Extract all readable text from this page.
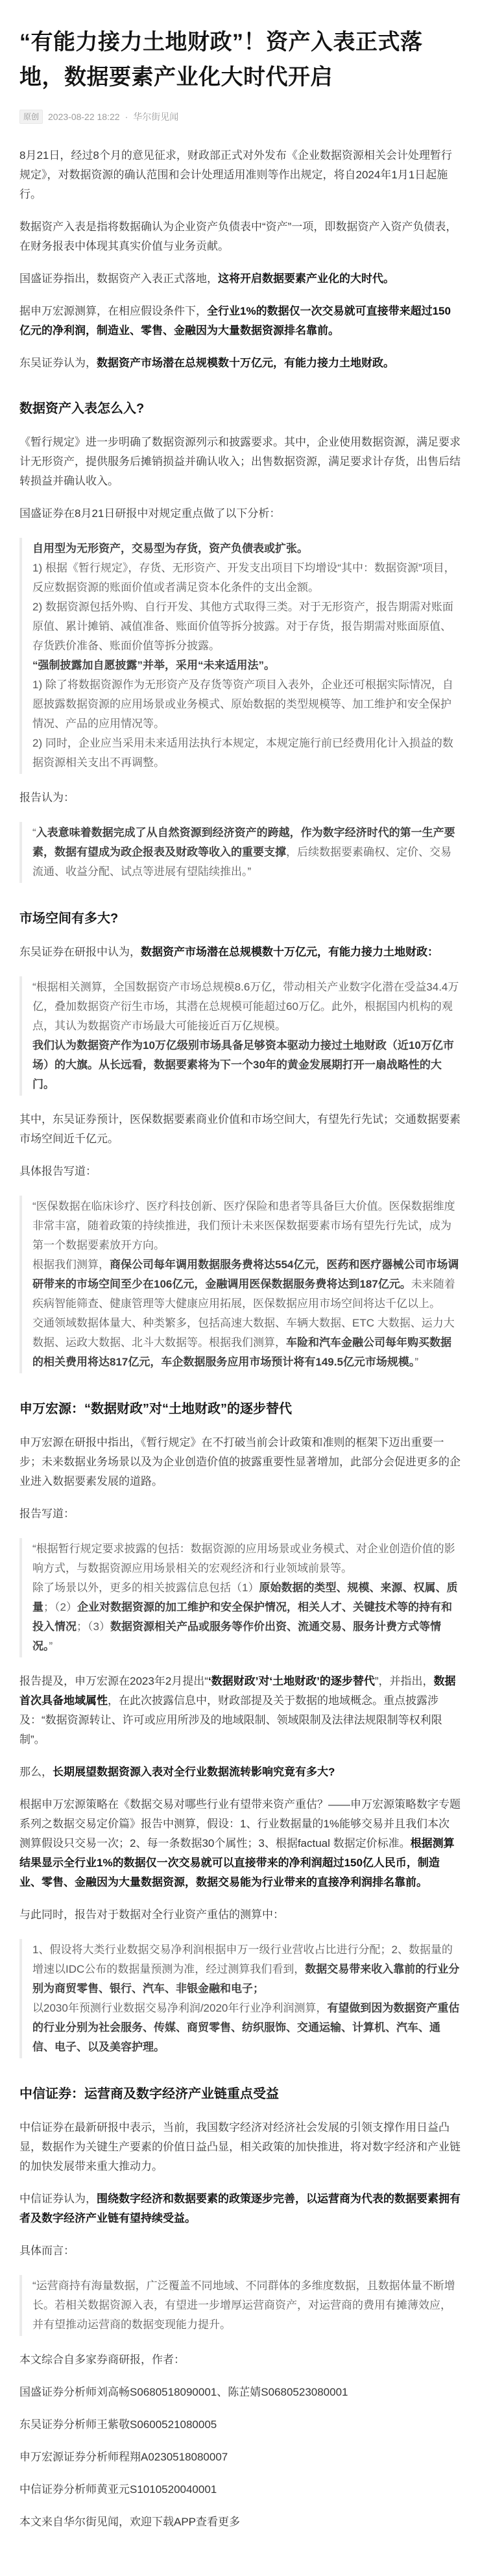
“有能力接力土地财政”！资产入表正式落地，数据要素产业化大时代开启
原创	2023-08-22 18:22 · 华尔街见闻

8月21日，经过8个月的意见征求，财政部正式对外发布《企业数据资源相关会计处理暂行规定》，对数据资源的确认范围和会计处理适用准则等作出规定，将自2024年1月1日起施行。

数据资产入表是指将数据确认为企业资产负债表中“资产”一项，即数据资产入资产负债表，在财务报表中体现其真实价值与业务贡献。

国盛证券指出，数据资产入表正式落地，这将开启数据要素产业化的大时代。

据申万宏源测算，在相应假设条件下，全行业1%的数据仅一次交易就可直接带来超过150亿元的净利润，制造业、零售、金融因为大量数据资源排名靠前。

东吴证券认为，数据资产市场潜在总规模数十万亿元，有能力接力土地财政。

数据资产入表怎么入?

《暂行规定》进一步明确了数据资源列示和披露要求。其中，企业使用数据资源，满足要求计无形资产，提供服务后摊销损益并确认收入；出售数据资源，满足要求计存货，出售后结转损益并确认收入。

国盛证券在8月21日研报中对规定重点做了以下分析：

自用型为无形资产，交易型为存货，资产负债表或扩张。

1) 根据《暂行规定》，存货、无形资产、开发支出项目下均增设“其中：数据资源”项目，反应数据资源的账面价值或者满足资本化条件的支出金额。

2) 数据资源包括外购、自行开发、其他方式取得三类。对于无形资产，报告期需对账面原值、累计摊销、减值准备、账面价值等拆分披露。对于存货，报告期需对账面原值、存货跌价准备、账面价值等拆分披露。

“强制披露加自愿披露”并举，采用“未来适用法”。

1) 除了将数据资源作为无形资产及存货等资产项目入表外，企业还可根据实际情况，自愿披露数据资源的应用场景或业务模式、原始数据的类型规模等、加工维护和安全保护情况、产品的应用情况等。

2) 同时，企业应当采用未来适用法执行本规定，本规定施行前已经费用化计入损益的数据资源相关支出不再调整。

报告认为：

“入表意味着数据完成了从自然资源到经济资产的跨越，作为数字经济时代的第一生产要素，数据有望成为政企报表及财政等收入的重要支撑，后续数据要素确权、定价、交易流通、收益分配、试点等进展有望陆续推出。”

市场空间有多大?

东吴证券在研报中认为，数据资产市场潜在总规模数十万亿元，有能力接力土地财政：

“根据相关测算，全国数据资产市场总规模8.6万亿，带动相关产业数字化潜在受益34.4万亿，叠加数据资产衍生市场，其潜在总规模可能超过60万亿。此外，根据国内机构的观点，其认为数据资产市场最大可能接近百万亿规模。

我们认为数据资产作为10万亿级别市场具备足够资本驱动力接过土地财政（近10万亿市场）的大旗。从长远看，数据要素将为下一个30年的黄金发展期打开一扇战略性的大门。

其中，东吴证券预计，医保数据要素商业价值和市场空间大，有望先行先试；交通数据要素市场空间近千亿元。

具体报告写道：

“医保数据在临床诊疗、医疗科技创新、医疗保险和患者等具备巨大价值。医保数据维度非常丰富，随着政策的持续推进，我们预计未来医保数据要素市场有望先行先试，成为第一个数据要素放开方向。

根据我们测算，商保公司每年调用数据服务费将达554亿元，医药和医疗器械公司市场调研带来的市场空间至少在106亿元，金融调用医保数据服务费将达到187亿元。未来随着疾病智能筛查、健康管理等大健康应用拓展，医保数据应用市场空间将达千亿以上。

交通领域数据体量大、种类繁多，包括高速大数据、车辆大数据、ETC 大数据、运力大数据、运政大数据、北斗大数据等。根据我们测算，车险和汽车金融公司每年购买数据的相关费用将达817亿元，车企数据服务应用市场预计将有149.5亿元市场规模。”

申万宏源：“数据财政”对“土地财政”的逐步替代

申万宏源在研报中指出，《暂行规定》在不打破当前会计政策和准则的框架下迈出重要一步；未来数据业务场景以及为企业创造价值的披露重要性显著增加，此部分会促进更多的企业进入数据要素发展的道路。

报告写道：

“根据暂行规定要求披露的包括：数据资源的应用场景或业务模式、对企业创造价值的影响方式，与数据资源应用场景相关的宏观经济和行业领域前景等。

除了场景以外，更多的相关披露信息包括（1）原始数据的类型、规模、来源、权属、质量；（2）企业对数据资源的加工维护和安全保护情况，相关人才、关键技术等的持有和投入情况；（3）数据资源相关产品或服务等作价出资、流通交易、服务计费方式等情况。”

报告提及，申万宏源在2023年2月提出“‘数据财政’对‘土地财政’的逐步替代”，并指出，数据首次具备地域属性，在此次披露信息中，财政部提及关于数据的地域概念。重点披露涉及：“数据资源转让、许可或应用所涉及的地域限制、领域限制及法律法规限制等权利限制”。

那么，长期展望数据资源入表对全行业数据流转影响究竟有多大?

根据申万宏源策略在《数据交易对哪些行业有望带来资产重估？——申万宏源策略数字专题系列之数据交易定价篇》报告中测算，假设：1、行业数据量的1%能够交易并且我们本次测算假设只交易一次；2、每一条数据30个属性；3、根据factual 数据定价标准。根据测算结果显示全行业1%的数据仅一次交易就可以直接带来的净利润超过150亿人民币，制造业、零售、金融因为大量数据资源，数据交易能为行业带来的直接净利润排名靠前。

与此同时，报告对于数据对全行业资产重估的测算中：

1、假设将大类行业数据交易净利润根据申万一级行业营收占比进行分配；2、数据量的增速以IDC公布的数据量预测为准，经过测算我们看到，数据交易带来收入靠前的行业分别为商贸零售、银行、汽车、非银金融和电子；

以2030年预测行业数据交易净利润/2020年行业净利润测算，有望做到因为数据资产重估的行业分别为社会服务、传媒、商贸零售、纺织服饰、交通运输、计算机、汽车、通信、电子、以及美容护理。

中信证券：运营商及数字经济产业链重点受益

中信证券在最新研报中表示，当前，我国数字经济对经济社会发展的引领支撑作用日益凸显，数据作为关键生产要素的价值日益凸显，相关政策的加快推进，将对数字经济和产业链的加快发展带来重大推动力。

中信证券认为，围绕数字经济和数据要素的政策逐步完善，以运营商为代表的数据要素拥有者及数字经济产业链有望持续受益。

具体而言：

“运营商持有海量数据，广泛覆盖不同地域、不同群体的多维度数据，且数据体量不断增长。若相关数据资源入表，有望进一步增厚运营商资产，对运营商的费用有摊薄效应，并有望推动运营商的数据变现能力提升。

本文综合自多家券商研报，作者：

国盛证券分析师刘高畅S0680518090001、陈芷婧S0680523080001

东吴证券分析师王紫敬S0600521080005

申万宏源证券分析师程翔A0230518080007

中信证券分析师黄亚元S1010520040001

本文来自华尔街见闻，欢迎下载APP查看更多
